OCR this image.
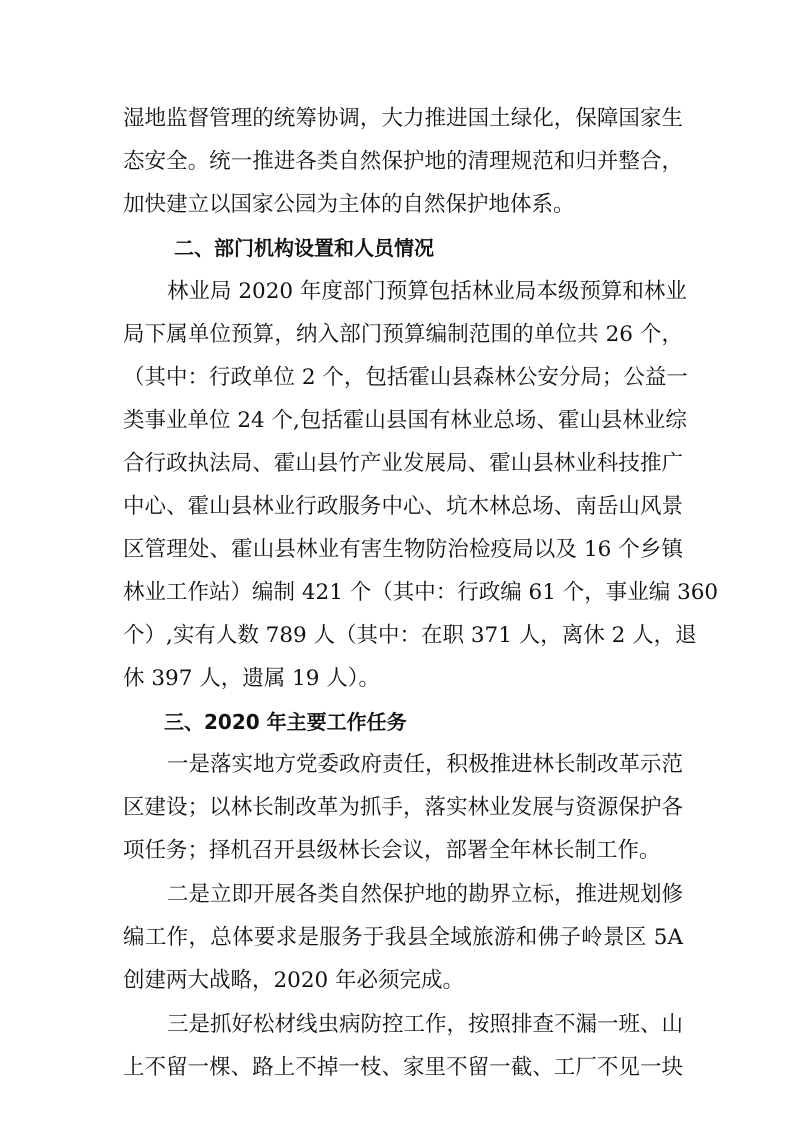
湿地监督管理的统筹协调，大力推进国土绿化，保障国家生
态安全。统一推进各类自然保护地的清理规范和归并整合，
加快建立以国家公园为主体的自然保护地体系。
二、部门机构设置和人员情况
林业局 2020 年度部门预算包括林业局本级预算和林业
局下属单位预算，纳入部门预算编制范围的单位共 26 个，
（其中：行政单位 2 个，包括霍山县森林公安分局；公益一
类事业单位 24 个,包括霍山县国有林业总场、霍山县林业综
合行政执法局、霍山县竹产业发展局、霍山县林业科技推广
中心、霍山县林业行政服务中心、坑木林总场、南岳山风景
区管理处、霍山县林业有害生物防治检疫局以及 16 个乡镇
林业工作站）编制 421 个（其中：行政编 61 个，事业编 360
个）,实有人数 789 人（其中：在职 371 人，离休 2 人，退
休 397 人，遗属 19 人）。
三、2020 年主要工作任务
一是落实地方党委政府责任，积极推进林长制改革示范
区建设；以林长制改革为抓手，落实林业发展与资源保护各
项任务；择机召开县级林长会议，部署全年林长制工作。
二是立即开展各类自然保护地的勘界立标，推进规划修
编工作，总体要求是服务于我县全域旅游和佛子岭景区 5A
创建两大战略，2020 年必须完成。
三是抓好松材线虫病防控工作，按照排查不漏一班、山
上不留一棵、路上不掉一枝、家里不留一截、工厂不见一块
